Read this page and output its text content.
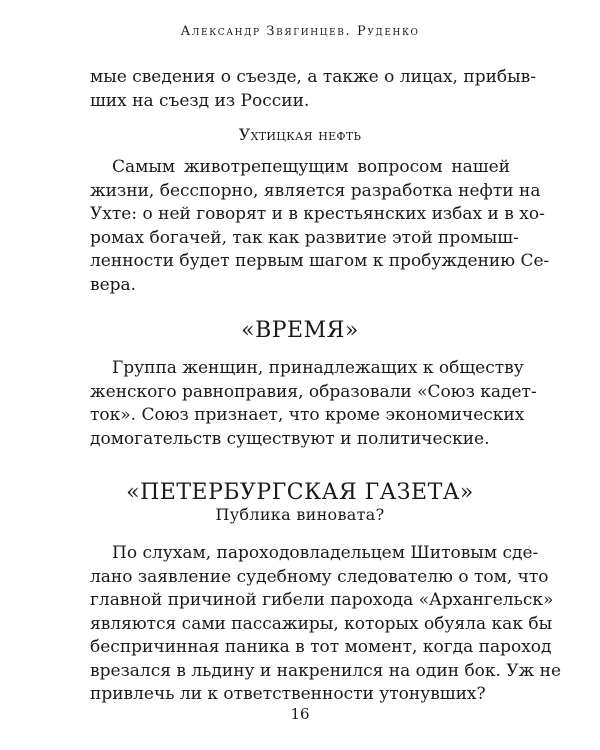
Александр Звягинцев. Руденко

мые сведения о съезде, а также о лицах, прибыв-
ших на съезд из России.

Ухтицкая нефть

Самым животрепещущим вопросом нашей
жизни, бесспорно, является разработка нефти на
Ухте: о ней говорят и в крестьянских избах и в хо-
ромах богачей, так как развитие этой промыш-
ленности будет первым шагом к пробуждению Се-
вера.

«ВРЕМЯ»

Группа женщин, принадлежащих к обществу
женского равноправия, образовали «Союз кадет-
ток». Союз признает, что кроме экономических
домогательств существуют и политические.

«ПЕТЕРБУРГСКАЯ ГАЗЕТА»
Публика виновата?

По слухам, пароходовладельцем Шитовым сде-
лано заявление судебному следователю о том, что
главной причиной гибели парохода «Архангельск»
являются сами пассажиры, которых обуяла как бы
беспричинная паника в тот момент, когда пароход
врезался в льдину и накренился на один бок. Уж не
привлечь ли к ответственности утонувших?

16
